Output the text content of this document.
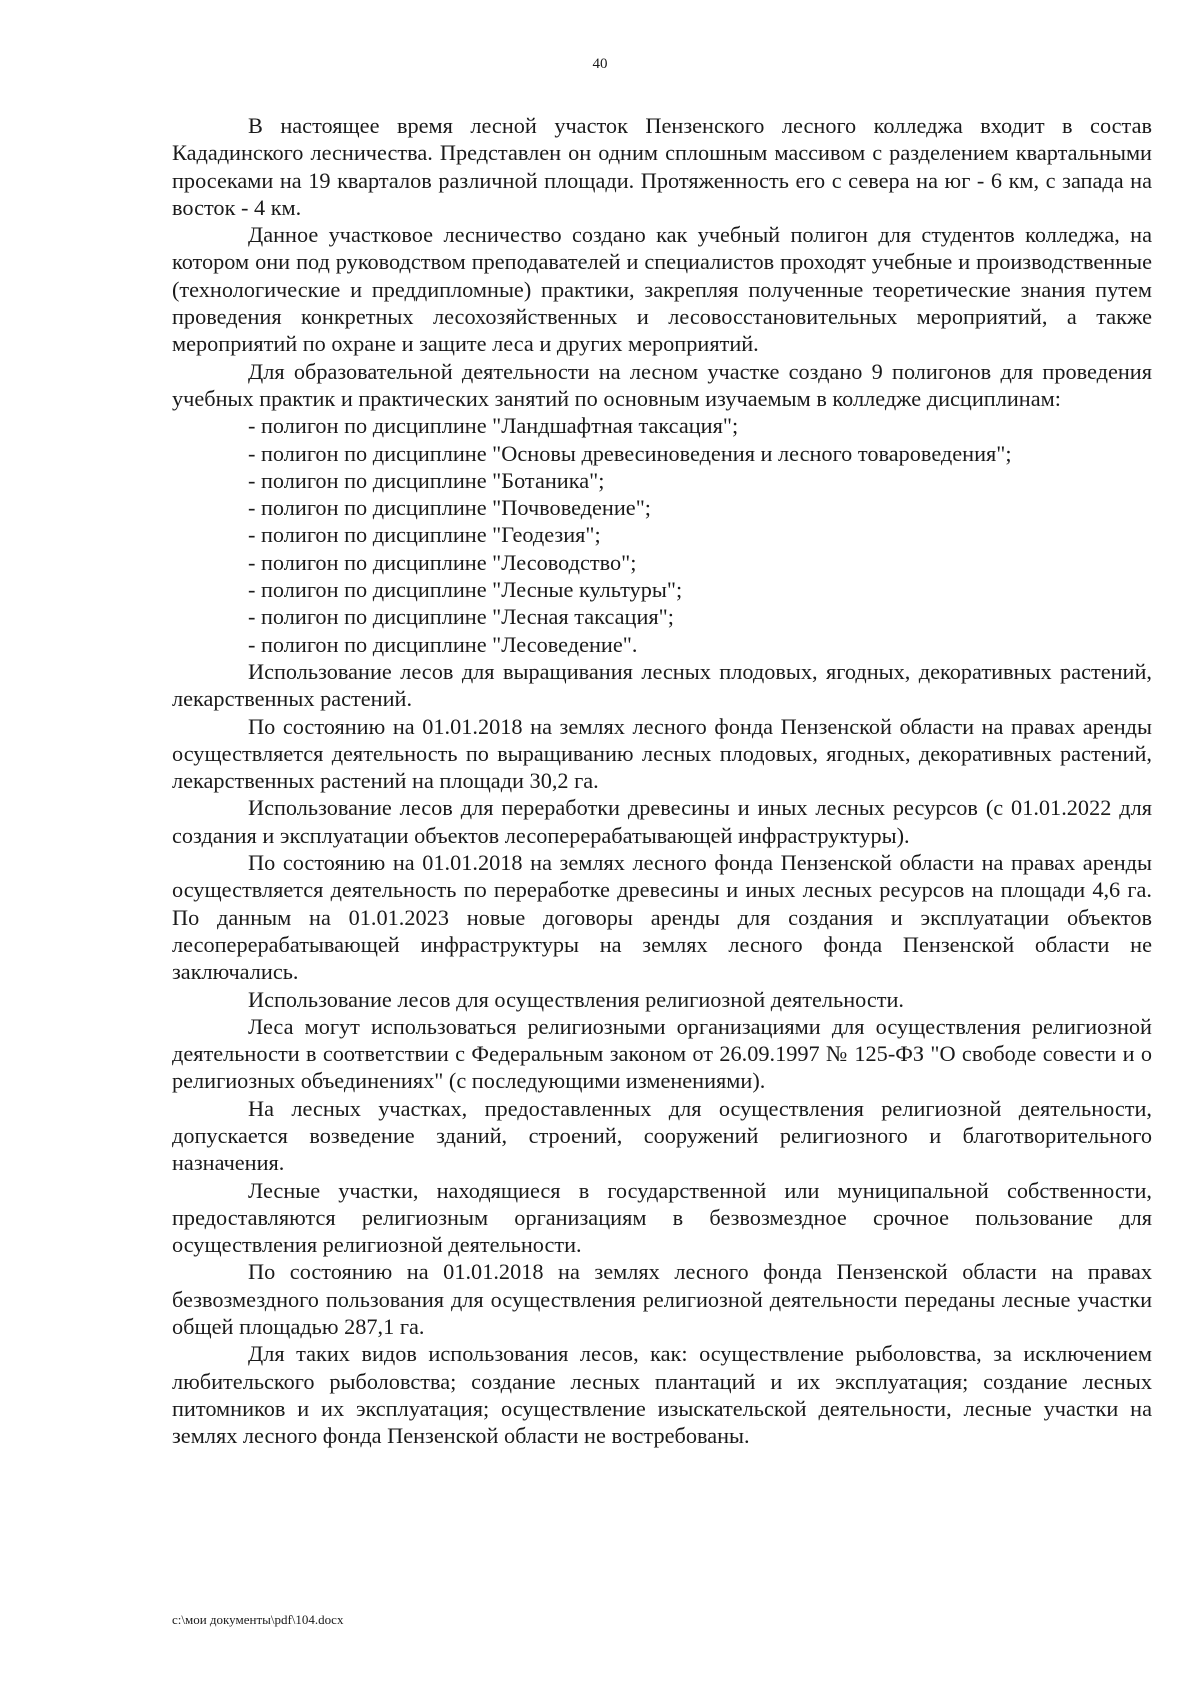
40

В настоящее время лесной участок Пензенского лесного колледжа входит в состав Кададинского лесничества. Представлен он одним сплошным массивом с разделением квартальными просеками на 19 кварталов различной площади. Протяженность его с севера на юг - 6 км, с запада на восток - 4 км.

Данное участковое лесничество создано как учебный полигон для студентов колледжа, на котором они под руководством преподавателей и специалистов проходят учебные и производственные (технологические и преддипломные) практики, закрепляя полученные теоретические знания путем проведения конкретных лесохозяйственных и лесовосстановительных мероприятий, а также мероприятий по охране и защите леса и других мероприятий.

Для образовательной деятельности на лесном участке создано 9 полигонов для проведения учебных практик и практических занятий по основным изучаемым в колледже дисциплинам:

- полигон по дисциплине "Ландшафтная таксация";
- полигон по дисциплине "Основы древесиноведения и лесного товароведения";
- полигон по дисциплине "Ботаника";
- полигон по дисциплине "Почвоведение";
- полигон по дисциплине "Геодезия";
- полигон по дисциплине "Лесоводство";
- полигон по дисциплине "Лесные культуры";
- полигон по дисциплине "Лесная таксация";
- полигон по дисциплине "Лесоведение".

Использование лесов для выращивания лесных плодовых, ягодных, декоративных растений, лекарственных растений.

По состоянию на 01.01.2018 на землях лесного фонда Пензенской области на правах аренды осуществляется деятельность по выращиванию лесных плодовых, ягодных, декоративных растений, лекарственных растений на площади 30,2 га.

Использование лесов для переработки древесины и иных лесных ресурсов (с 01.01.2022 для создания и эксплуатации объектов лесоперерабатывающей инфраструктуры).

По состоянию на 01.01.2018 на землях лесного фонда Пензенской области на правах аренды осуществляется деятельность по переработке древесины и иных лесных ресурсов на площади 4,6 га. По данным на 01.01.2023 новые договоры аренды для создания и эксплуатации объектов лесоперерабатывающей инфраструктуры на землях лесного фонда Пензенской области не заключались.

Использование лесов для осуществления религиозной деятельности.

Леса могут использоваться религиозными организациями для осуществления религиозной деятельности в соответствии с Федеральным законом от 26.09.1997 № 125-ФЗ "О свободе совести и о религиозных объединениях" (с последующими изменениями).

На лесных участках, предоставленных для осуществления религиозной деятельности, допускается возведение зданий, строений, сооружений религиозного и благотворительного назначения.

Лесные участки, находящиеся в государственной или муниципальной собственности, предоставляются религиозным организациям в безвозмездное срочное пользование для осуществления религиозной деятельности.

По состоянию на 01.01.2018 на землях лесного фонда Пензенской области на правах безвозмездного пользования для осуществления религиозной деятельности переданы лесные участки общей площадью 287,1 га.

Для таких видов использования лесов, как: осуществление рыболовства, за исключением любительского рыболовства; создание лесных плантаций и их эксплуатация; создание лесных питомников и их эксплуатация; осуществление изыскательской деятельности, лесные участки на землях лесного фонда Пензенской области не востребованы.

c:\мои документы\pdf\104.docx
